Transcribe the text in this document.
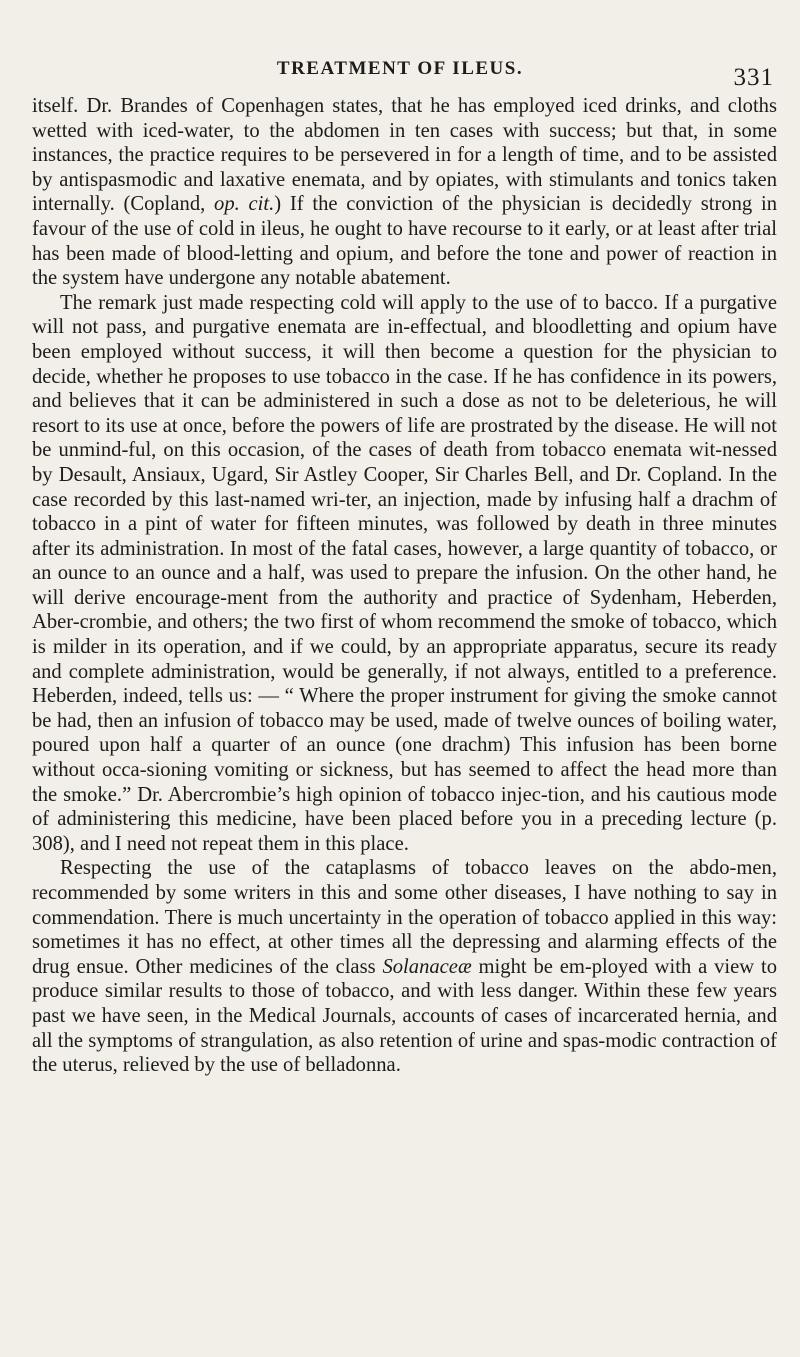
TREATMENT OF ILEUS.	331

itself. Dr. Brandes of Copenhagen states, that he has employed iced drinks, and cloths wetted with iced-water, to the abdomen in ten cases with success; but that, in some instances, the practice requires to be persevered in for a length of time, and to be assisted by antispasmodic and laxative enemata, and by opiates, with stimulants and tonics taken internally. (Copland, op. cit.) If the conviction of the physician is decidedly strong in favour of the use of cold in ileus, he ought to have recourse to it early, or at least after trial has been made of blood-letting and opium, and before the tone and power of reaction in the system have undergone any notable abatement.

The remark just made respecting cold will apply to the use of to bacco. If a purgative will not pass, and purgative enemata are in-effectual, and bloodletting and opium have been employed without success, it will then become a question for the physician to decide, whether he proposes to use tobacco in the case. If he has confidence in its powers, and believes that it can be administered in such a dose as not to be deleterious, he will resort to its use at once, before the powers of life are prostrated by the disease. He will not be unmind-ful, on this occasion, of the cases of death from tobacco enemata wit-nessed by Desault, Ansiaux, Ugard, Sir Astley Cooper, Sir Charles Bell, and Dr. Copland. In the case recorded by this last-named wri-ter, an injection, made by infusing half a drachm of tobacco in a pint of water for fifteen minutes, was followed by death in three minutes after its administration. In most of the fatal cases, however, a large quantity of tobacco, or an ounce to an ounce and a half, was used to prepare the infusion. On the other hand, he will derive encourage-ment from the authority and practice of Sydenham, Heberden, Aber-crombie, and others; the two first of whom recommend the smoke of tobacco, which is milder in its operation, and if we could, by an appropriate apparatus, secure its ready and complete administration, would be generally, if not always, entitled to a preference. Heberden, indeed, tells us: — “ Where the proper instrument for giving the smoke cannot be had, then an infusion of tobacco may be used, made of twelve ounces of boiling water, poured upon half a quarter of an ounce (one drachm) This infusion has been borne without occa-sioning vomiting or sickness, but has seemed to affect the head more than the smoke.” Dr. Abercrombie’s high opinion of tobacco injec-tion, and his cautious mode of administering this medicine, have been placed before you in a preceding lecture (p. 308), and I need not repeat them in this place.

Respecting the use of the cataplasms of tobacco leaves on the abdo-men, recommended by some writers in this and some other diseases, I have nothing to say in commendation. There is much uncertainty in the operation of tobacco applied in this way: sometimes it has no effect, at other times all the depressing and alarming effects of the drug ensue. Other medicines of the class Solanaceæ might be em-ployed with a view to produce similar results to those of tobacco, and with less danger. Within these few years past we have seen, in the Medical Journals, accounts of cases of incarcerated hernia, and all the symptoms of strangulation, as also retention of urine and spas-modic contraction of the uterus, relieved by the use of belladonna.
